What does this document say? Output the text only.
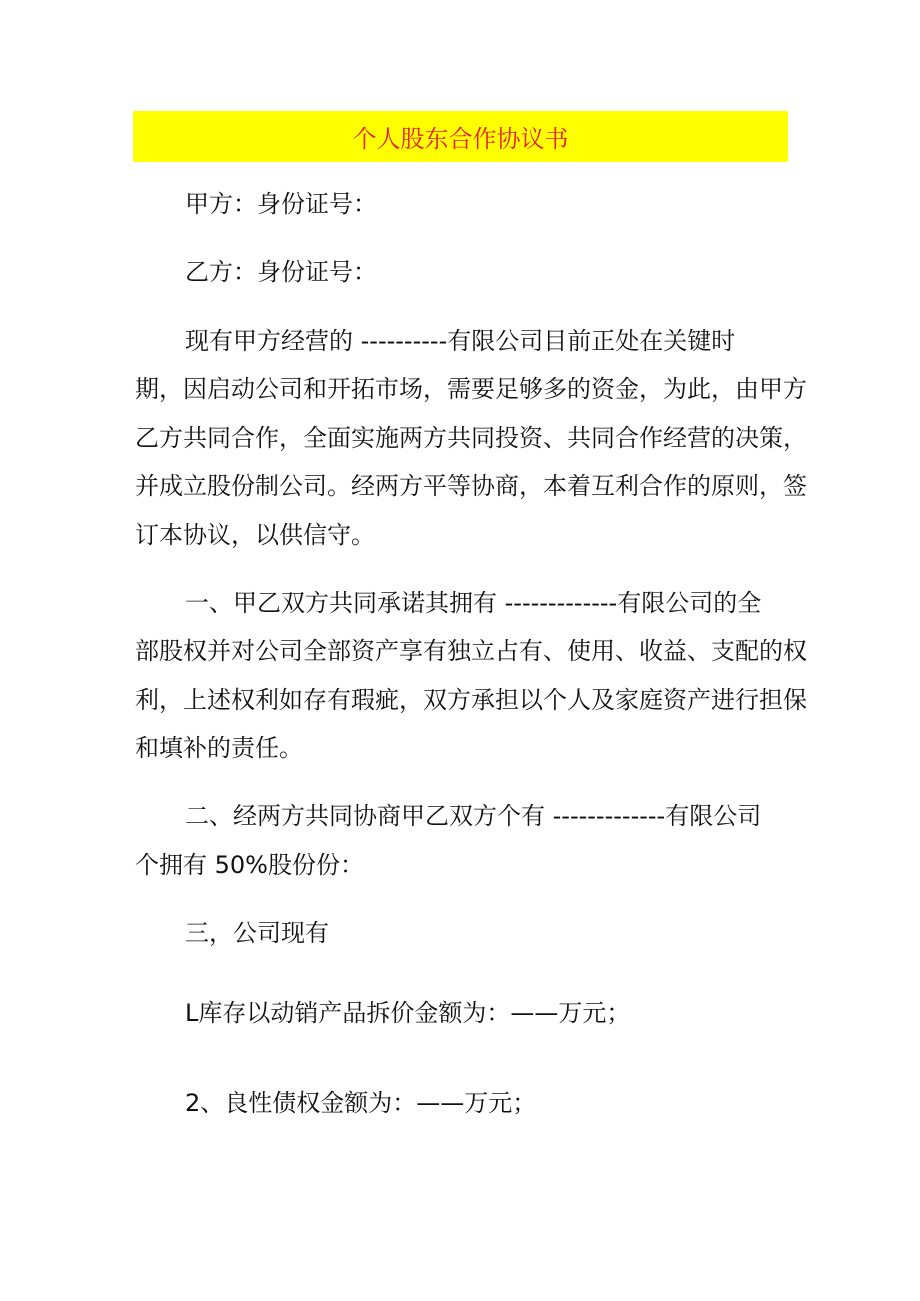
个人股东合作协议书
甲方：身份证号：
乙方：身份证号：
现有甲方经营的 ----------有限公司目前正处在关键时
期，因启动公司和开拓市场，需要足够多的资金，为此，由甲方
乙方共同合作，全面实施两方共同投资、共同合作经营的决策，
并成立股份制公司。经两方平等协商，本着互利合作的原则，签
订本协议，以供信守。
一、甲乙双方共同承诺其拥有 -------------有限公司的全
部股权并对公司全部资产享有独立占有、使用、收益、支配的权
利，上述权利如存有瑕疵，双方承担以个人及家庭资产进行担保
和填补的责任。
二、经两方共同协商甲乙双方个有 -------------有限公司
个拥有 50%股份份：
三，公司现有
L库存以动销产品拆价金额为：——万元；
2、良性债权金额为：——万元；
